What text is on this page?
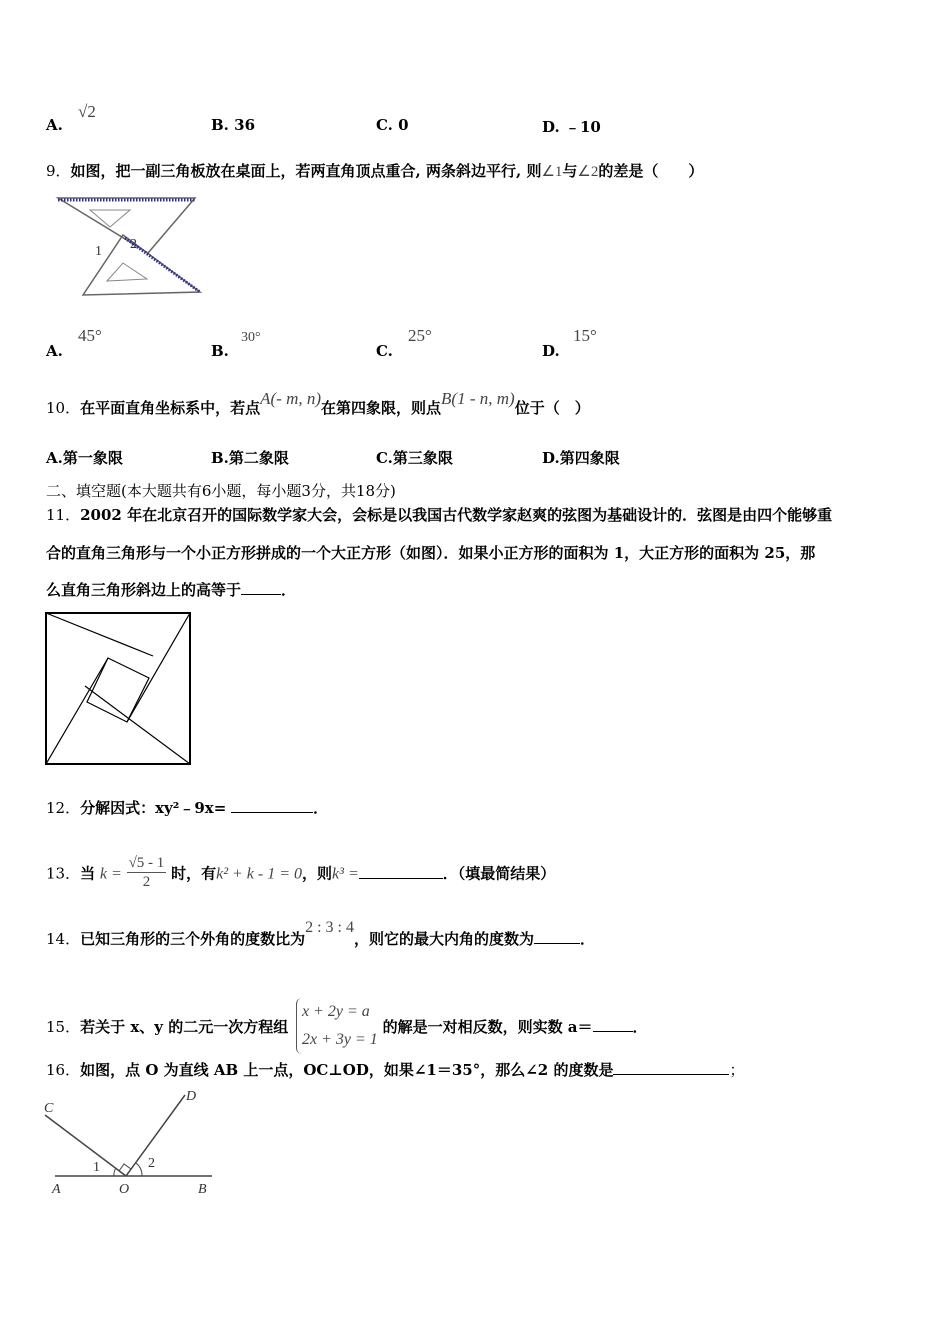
A.
√2
B. 36	C. 0	D. ﹣10
9．如图，把一副三角板放在桌面上，若两直角顶点重合, 两条斜边平行, 则∠1与∠2的差是（　　）
1 2
A.
45°
B.
30°
C.
25°
D.
15°
10．在平面直角坐标系中，若点A(- m, n)在第四象限，则点B(1 - n, m)位于（　）
A.第一象限	B.第二象限	C.第三象限	D.第四象限
二、填空题(本大题共有6小题，每小题3分，共18分)
11．2002 年在北京召开的国际数学家大会，会标是以我国古代数学家赵爽的弦图为基础设计的．弦图是由四个能够重
合的直角三角形与一个小正方形拼成的一个大正方形（如图）．如果小正方形的面积为 1，大正方形的面积为 25，那
么直角三角形斜边上的高等于	．
12．分解因式：xy²﹣9x=	．
13．当 $k = \frac{√5 - 1}{2}$ 时，有k² + k - 1 = 0，则k³ =	．（填最简结果）
14．已知三角形的三个外角的度数比为2 : 3 : 4，则它的最大内角的度数为	．
15．若关于 x、y 的二元一次方程组
x + 2y = a
2x + 3y = 1
的解是一对相反数，则实数 a＝	．
16．如图，点 O 为直线 AB 上一点，OC⊥OD，如果∠1＝35°，那么∠2 的度数是	；
C
D
A	O	B
1	2
